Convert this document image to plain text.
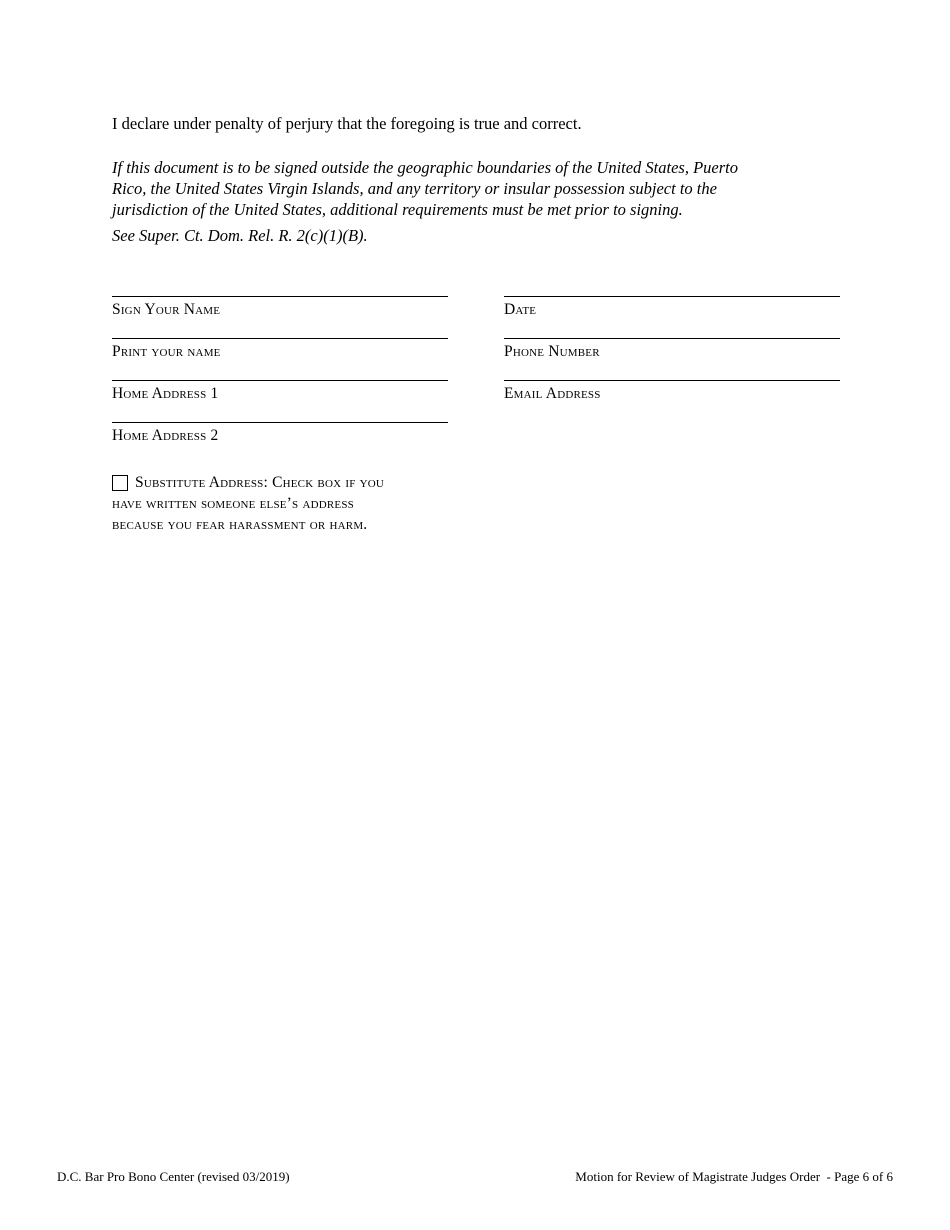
I declare under penalty of perjury that the foregoing is true and correct.
If this document is to be signed outside the geographic boundaries of the United States, Puerto
Rico, the United States Virgin Islands, and any territory or insular possession subject to the
jurisdiction of the United States, additional requirements must be met prior to signing.
See Super. Ct. Dom. Rel. R. 2(c)(1)(B).
Sign Your Name	Date
Print your name	Phone Number
Home Address 1	Email Address
Home Address 2
Substitute Address: Check box if you
have written someone else’s address
because you fear harassment or harm.
D.C. Bar Pro Bono Center (revised 03/2019)	Motion for Review of Magistrate Judges Order  - Page 6 of 6
